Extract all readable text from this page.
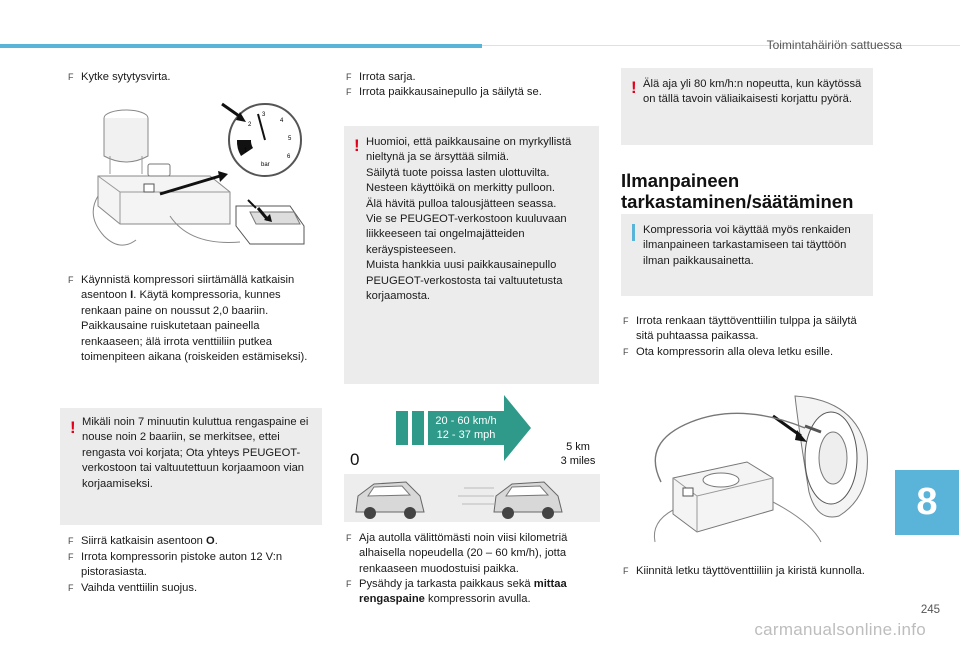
Toimintahäiriön sattuessa
F Kytke sytytysvirta.
1
2
3
4
5
6
bar
F Käynnistä kompressori siirtämällä katkaisin asentoon I. Käytä kompressoria, kunnes renkaan paine on noussut 2,0 baariin. Paikkausaine ruiskutetaan paineella renkaaseen; älä irrota venttiiliin putkea toimenpiteen aikana (roiskeiden estämiseksi).
! Mikäli noin 7 minuutin kuluttua rengaspaine ei nouse noin 2 baariin, se merkitsee, ettei rengasta voi korjata; Ota yhteys PEUGEOT-verkostoon tai valtuutettuun korjaamoon vian korjaamiseksi.
F Siirrä katkaisin asentoon O.
F Irrota kompressorin pistoke auton 12 V:n pistorasiasta.
F Vaihda venttiilin suojus.
F Irrota sarja.
F Irrota paikkausainepullo ja säilytä se.
! Huomioi, että paikkausaine on myrkyllistä nieltynä ja se ärsyttää silmiä.
Säilytä tuote poissa lasten ulottuvilta.
Nesteen käyttöikä on merkitty pulloon.
Älä hävitä pulloa talousjätteen seassa.
Vie se PEUGEOT-verkostoon kuuluvaan liikkeeseen tai ongelmajätteiden keräyspisteeseen.
Muista hankkia uusi paikkausainepullo PEUGEOT-verkostosta tai valtuutetusta korjaamosta.
20 - 60 km/h
12 - 37 mph
0
5 km
3 miles
F Aja autolla välittömästi noin viisi kilometriä alhaisella nopeudella (20 – 60 km/h), jotta renkaaseen muodostuisi paikka.
F Pysähdy ja tarkasta paikkaus sekä mittaa rengaspaine kompressorin avulla.
! Älä aja yli 80 km/h:n nopeutta, kun käytössä on tällä tavoin väliaikaisesti korjattu pyörä.
Ilmanpaineen
tarkastaminen/säätäminen
Kompressoria voi käyttää myös renkaiden ilmanpaineen tarkastamiseen tai täyttöön ilman paikkausainetta.
F Irrota renkaan täyttöventtiilin tulppa ja säilytä sitä puhtaassa paikassa.
F Ota kompressorin alla oleva letku esille.
F Kiinnitä letku täyttöventtiiliin ja kiristä kunnolla.
8
245
carmanualsonline.info
